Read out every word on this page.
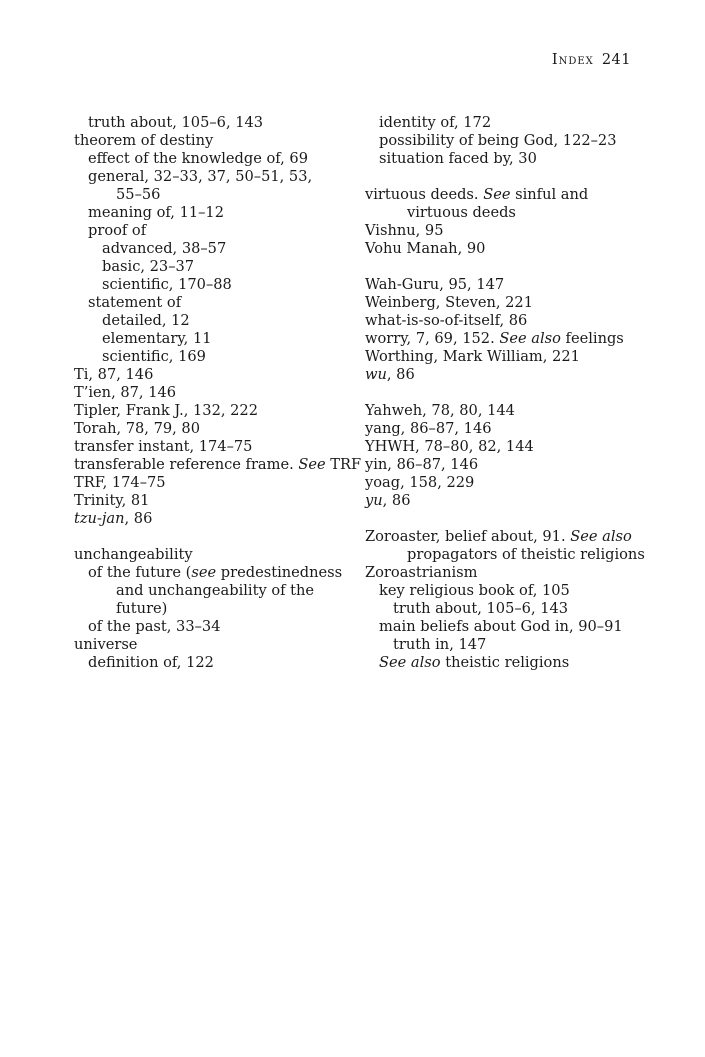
Index 241
truth about, 105–6, 143
theorem of destiny
effect of the knowledge of, 69
general, 32–33, 37, 50–51, 53,
55–56
meaning of, 11–12
proof of
advanced, 38–57
basic, 23–37
scientific, 170–88
statement of
detailed, 12
elementary, 11
scientific, 169
Ti, 87, 146
T’ien, 87, 146
Tipler, Frank J., 132, 222
Torah, 78, 79, 80
transfer instant, 174–75
transferable reference frame. See TRF
TRF, 174–75
Trinity, 81
tzu-jan, 86
unchangeability
of the future (see predestinedness
and unchangeability of the
future)
of the past, 33–34
universe
definition of, 122
identity of, 172
possibility of being God, 122–23
situation faced by, 30
virtuous deeds. See sinful and
virtuous deeds
Vishnu, 95
Vohu Manah, 90
Wah-Guru, 95, 147
Weinberg, Steven, 221
what-is-so-of-itself, 86
worry, 7, 69, 152. See also feelings
Worthing, Mark William, 221
wu, 86
Yahweh, 78, 80, 144
yang, 86–87, 146
YHWH, 78–80, 82, 144
yin, 86–87, 146
yoag, 158, 229
yu, 86
Zoroaster, belief about, 91. See also
propagators of theistic religions
Zoroastrianism
key religious book of, 105
truth about, 105–6, 143
main beliefs about God in, 90–91
truth in, 147
See also theistic religions
